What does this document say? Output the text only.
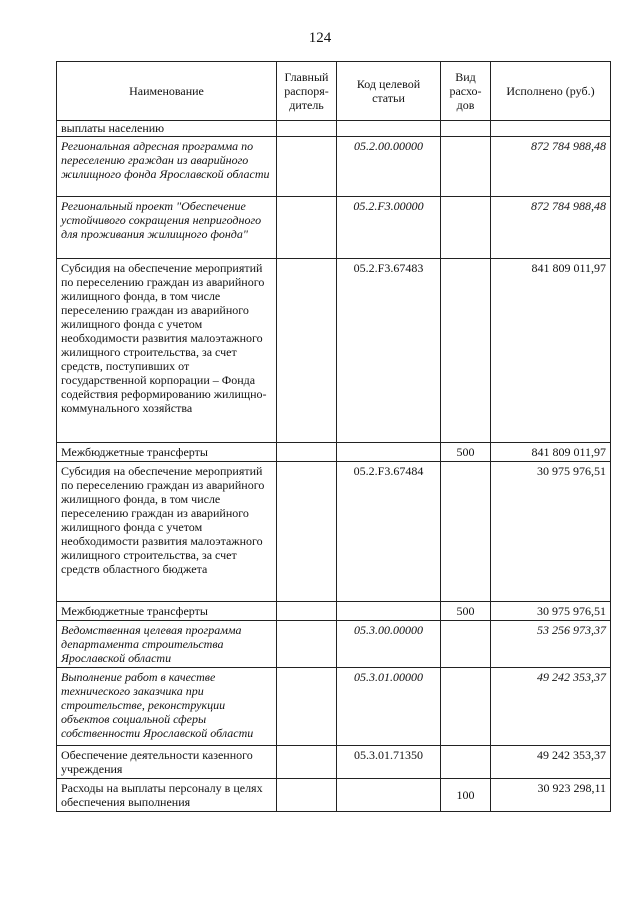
124
Наименование	Главный распоря-дитель	Код целевой статьи	Вид расхо-дов	Исполнено (руб.)
выплаты населению				
Региональная адресная программа по переселению граждан из аварийного жилищного фонда Ярославской области		05.2.00.00000		872 784 988,48
Региональный проект "Обеспечение устойчивого сокращения непригодного для проживания жилищного фонда"		05.2.F3.00000		872 784 988,48
Субсидия на обеспечение мероприятий по переселению граждан из аварийного жилищного фонда, в том числе переселению граждан из аварийного жилищного фонда с учетом необходимости развития малоэтажного жилищного строительства, за счет средств, поступивших от государственной корпорации – Фонда содействия реформированию жилищно-коммунального хозяйства		05.2.F3.67483		841 809 011,97
Межбюджетные трансферты			500	841 809 011,97
Субсидия на обеспечение мероприятий по переселению граждан из аварийного жилищного фонда, в том числе переселению граждан из аварийного жилищного фонда с учетом необходимости развития малоэтажного жилищного строительства, за счет средств областного бюджета		05.2.F3.67484		30 975 976,51
Межбюджетные трансферты			500	30 975 976,51
Ведомственная целевая программа департамента строительства Ярославской области		05.3.00.00000		53 256 973,37
Выполнение работ в качестве технического заказчика при строительстве, реконструкции объектов социальной сферы собственности Ярославской области		05.3.01.00000		49 242 353,37
Обеспечение деятельности казенного учреждения		05.3.01.71350		49 242 353,37
Расходы на выплаты персоналу в целях обеспечения выполнения			100	30 923 298,11
